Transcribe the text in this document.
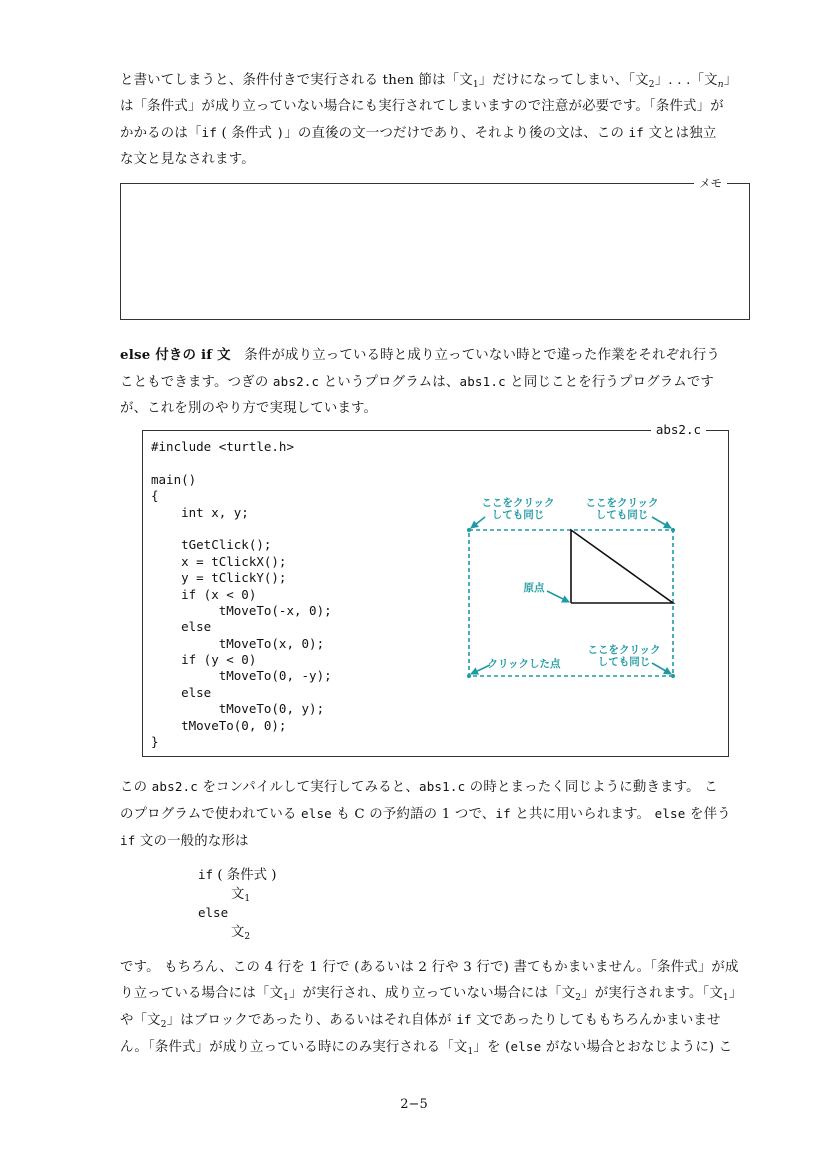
と書いてしまうと、条件付きで実行される then 節は「文$_1$」だけになってしまい、「文$_2$」. . .「文$_n$」

は「条件式」が成り立っていない場合にも実行されてしまいますので注意が必要です。「条件式」が

かかるのは「if ( 条件式 )」の直後の文一つだけであり、それより後の文は、この if 文とは独立

な文と見なされます。

メモ

else 付きの if 文　条件が成り立っている時と成り立っていない時とで違った作業をそれぞれ行う

こともできます。つぎの abs2.c というプログラムは、abs1.c と同じことを行うプログラムです

が、これを別のやり方で実現しています。

abs2.c
#include <turtle.h>
main()
{
int x, y;
tGetClick();
x = tClickX();
y = tClickY();
if (x < 0)
tMoveTo(-x, 0);
else
tMoveTo(x, 0);
if (y < 0)
tMoveTo(0, -y);
else
tMoveTo(0, y);
tMoveTo(0, 0);
}
ここをクリック
しても同じ
ここをクリック
しても同じ
原点
クリックした点
ここをクリック
しても同じ

この abs2.c をコンパイルして実行してみると、abs1.c の時とまったく同じように動きます。 こ

のプログラムで使われている else も C の予約語の 1 つで、if と共に用いられます。 else を伴う

if 文の一般的な形は

if ( 条件式 )
文$_1$
else
文$_2$

です。 もちろん、この 4 行を 1 行で (あるいは 2 行や 3 行で) 書てもかまいません。「条件式」が成

り立っている場合には「文$_1$」が実行され、成り立っていない場合には「文$_2$」が実行されます。「文$_1$」

や「文$_2$」はブロックであったり、あるいはそれ自体が if 文であったりしてももちろんかまいませ

ん。「条件式」が成り立っている時にのみ実行される「文$_1$」を (else がない場合とおなじように) こ

2−5
